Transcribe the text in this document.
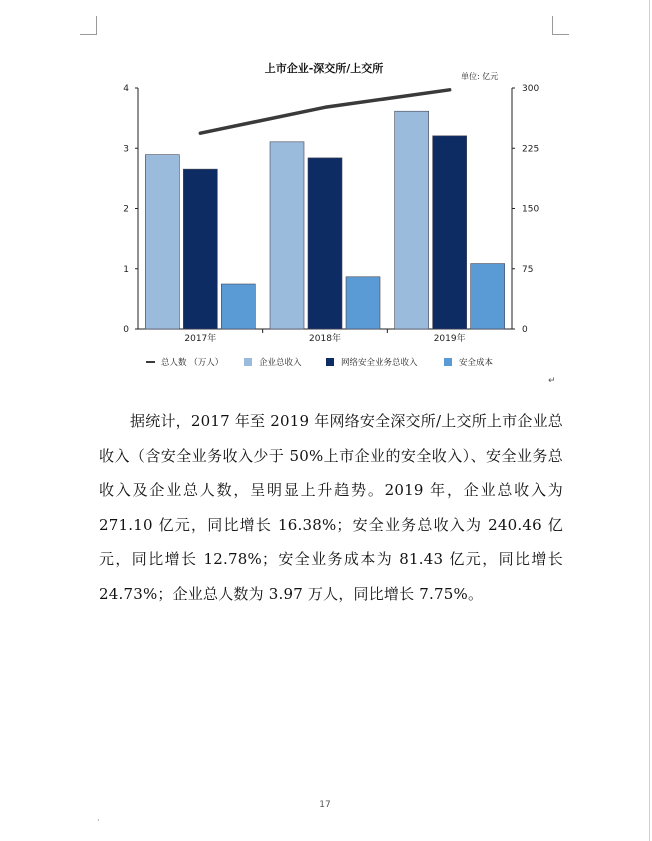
上市企业-深交所/上交所
单位: 亿元
0
1
2
3
4
0
75
150
225
300
2017年	2018年	2019年
总人数 （万人）	企业总收入	网络安全业务总收入	安全成本
↵

据统计，2017 年至 2019 年网络安全深交所/上交所上市企业总收入（含安全业务收入少于 50%上市企业的安全收入）、安全业务总收入及企业总人数，呈明显上升趋势。2019 年，企业总收入为 271.10 亿元，同比增长 16.38%；安全业务总收入为 240.46 亿元，同比增长 12.78%；安全业务成本为 81.43 亿元，同比增长 24.73%；企业总人数为 3.97 万人，同比增长 7.75%。

17
·
